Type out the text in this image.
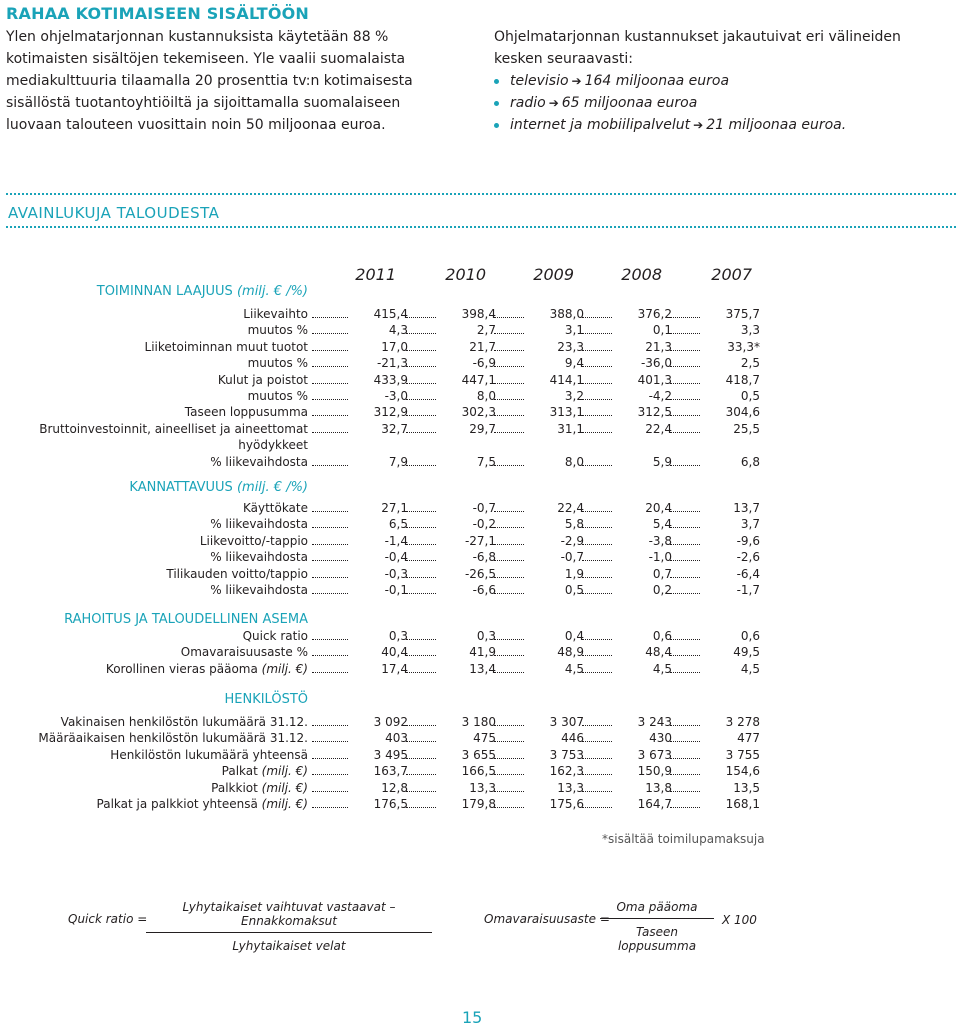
RAHAA KOTIMAISEEN SISÄLTÖÖN

Ylen ohjelmatarjonnan kustannuksista käytetään 88 % kotimaisten sisältöjen tekemiseen. Yle vaalii suomalaista mediakulttuuria tilaamalla 20 prosenttia tv:n kotimaisesta sisällöstä tuotantoyhtiöiltä ja sijoittamalla suomalaiseen luovaan talouteen vuosittain noin 50 miljoonaa euroa.

Ohjelmatarjonnan kustannukset jakautuivat eri välineiden kesken seuraavasti:

televisio ➔ 164 miljoonaa euroa
radio ➔ 65 miljoonaa euroa
internet ja mobiilipalvelut ➔ 21 miljoonaa euroa.
AVAINLUKUJA TALOUDESTA
2011	2010	2009	2008	2007
TOIMINNAN LAAJUUS (milj. € /%)
Liikevaihto	415,4	398,4	388,0	376,2	375,7
muutos %	4,3	2,7	3,1	0,1	3,3
Liiketoiminnan muut tuotot	17,0	21,7	23,3	21,3	33,3*
muutos %	-21,3	-6,9	9,4	-36,0	2,5
Kulut ja poistot	433,9	447,1	414,1	401,3	418,7
muutos %	-3,0	8,0	3,2	-4,2	0,5
Taseen loppusumma	312,9	302,3	313,1	312,5	304,6
Bruttoinvestoinnit, aineelliset ja aineettomat hyödykkeet
32,7	29,7	31,1	22,4	25,5
% liikevaihdosta	7,9	7,5	8,0	5,9	6,8
KANNATTAVUUS (milj. € /%)
Käyttökate	27,1	-0,7	22,4	20,4	13,7
% liikevaihdosta	6,5	-0,2	5,8	5,4	3,7
Liikevoitto/-tappio	-1,4	-27,1	-2,9	-3,8	-9,6
% liikevaihdosta	-0,4	-6,8	-0,7	-1,0	-2,6
Tilikauden voitto/tappio	-0,3	-26,5	1,9	0,7	-6,4
% liikevaihdosta	-0,1	-6,6	0,5	0,2	-1,7
RAHOITUS JA TALOUDELLINEN ASEMA
Quick ratio	0,3	0,3	0,4	0,6	0,6
Omavaraisuusaste %	40,4	41,9	48,9	48,4	49,5
Korollinen vieras pääoma (milj. €)	17,4	13,4	4,5	4,5	4,5
HENKILÖSTÖ
Vakinaisen henkilöstön lukumäärä 31.12.	3 092	3 180	3 307	3 243	3 278
Määräaikaisen henkilöstön lukumäärä 31.12.	403	475	446	430	477
Henkilöstön lukumäärä yhteensä	3 495	3 655	3 753	3 673	3 755
Palkat (milj. €)	163,7	166,5	162,3	150,9	154,6
Palkkiot (milj. €)	12,8	13,3	13,3	13,8	13,5
Palkat ja palkkiot yhteensä (milj. €)	176,5	179,8	175,6	164,7	168,1
*sisältää toimilupamaksuja
Quick ratio =
Lyhytaikaiset vaihtuvat vastaavat – Ennakkomaksut
Lyhytaikaiset velat
Omavaraisuusaste =
Oma pääoma
Taseen loppusumma
X 100
15
